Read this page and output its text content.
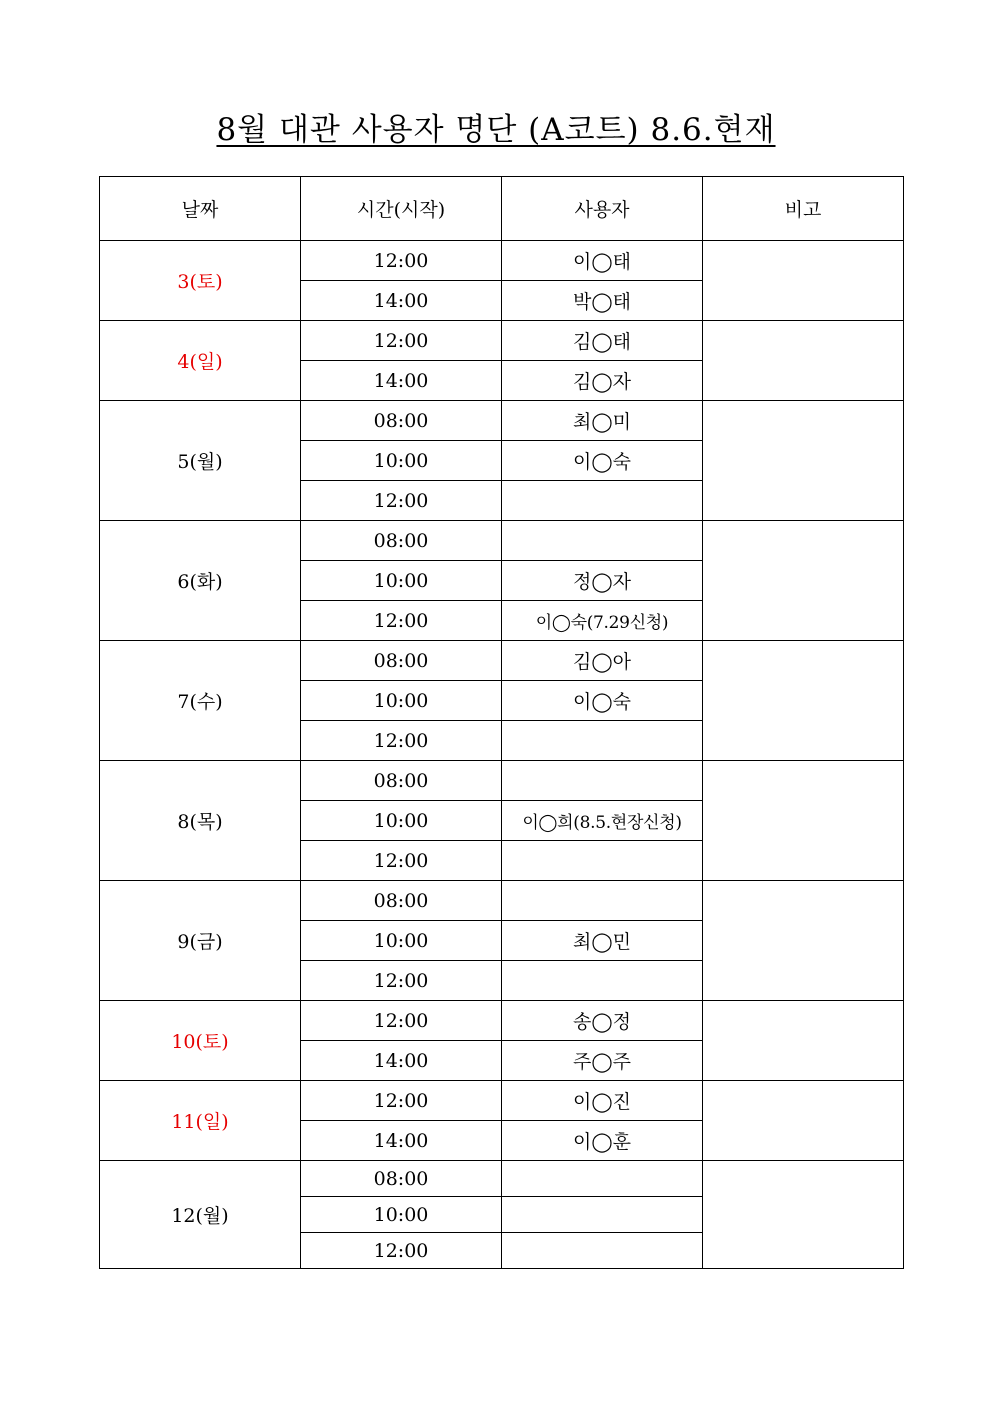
8월 대관 사용자 명단 (A코트) 8.6.현재
날짜	시간(시작)	사용자	비고
3(토)	12:00	이◯태	
	14:00	박◯태	
4(일)	12:00	김◯태	
	14:00	김◯자	
5(월)	08:00	최◯미	
	10:00	이◯숙	
	12:00		
6(화)	08:00		
	10:00	정◯자	
	12:00	이◯숙(7.29신청)	
7(수)	08:00	김◯아	
	10:00	이◯숙	
	12:00		
8(목)	08:00		
	10:00	이◯희(8.5.현장신청)	
	12:00		
9(금)	08:00		
	10:00	최◯민	
	12:00		
10(토)	12:00	송◯정	
	14:00	주◯주	
11(일)	12:00	이◯진	
	14:00	이◯훈	
12(월)	08:00		
	10:00		
	12:00		
